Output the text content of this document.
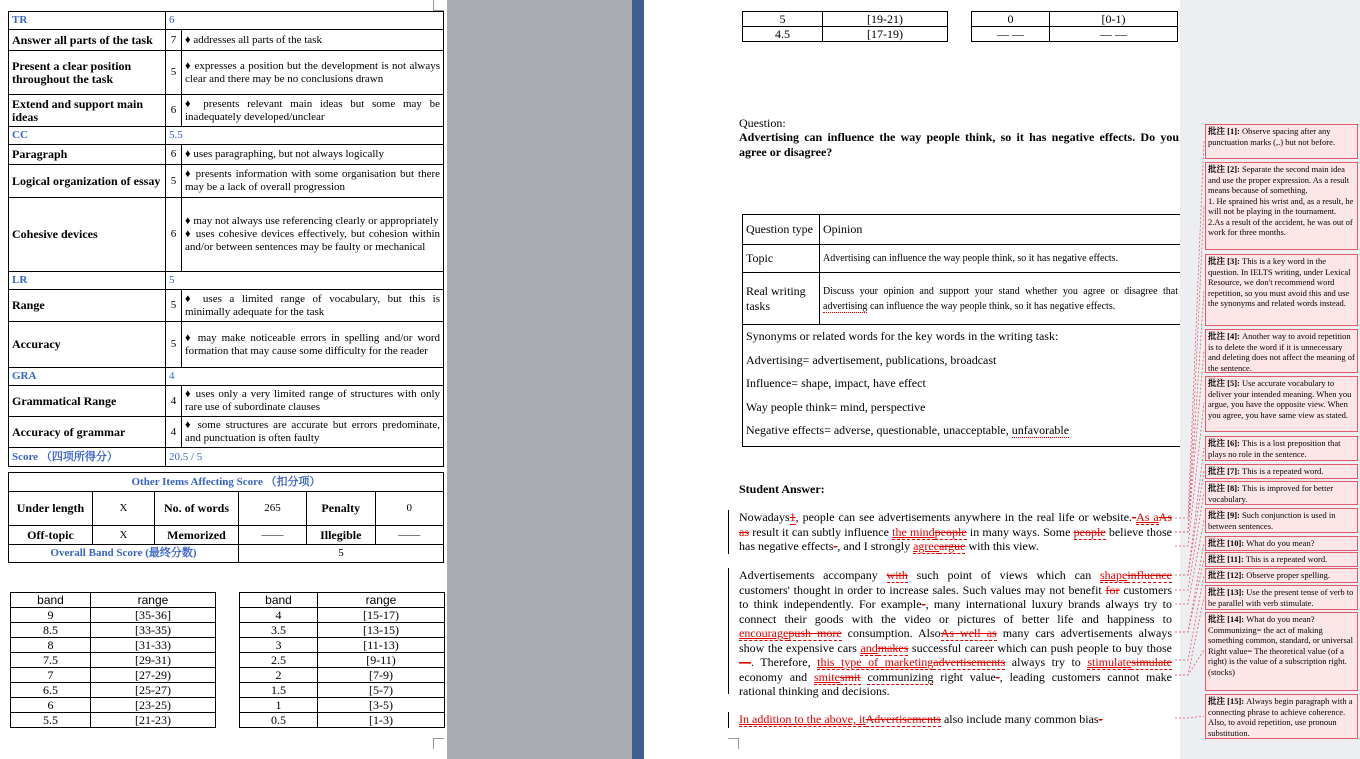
TR	6	
Answer all parts of the task	7	♦ addresses all parts of the task
Present a clear position throughout the task	5	♦ expresses a position but the development is not always clear and there may be no conclusions drawn
Extend and support main ideas	6	♦ presents relevant main ideas but some may be inadequately developed/unclear
CC	5.5	
Paragraph	6	♦ uses paragraphing, but not always logically
Logical organization of essay	5	♦ presents information with some organisation but there may be a lack of overall progression
Cohesive devices	6	♦ may not always use referencing clearly or appropriately
♦ uses cohesive devices effectively, but cohesion within and/or between sentences may be faulty or mechanical
LR	5	
Range	5	♦ uses a limited range of vocabulary, but this is minimally adequate for the task
Accuracy	5	♦ may make noticeable errors in spelling and/or word formation that may cause some difficulty for the reader
GRA	4	
Grammatical Range	4	♦ uses only a very limited range of structures with only rare use of subordinate clauses
Accuracy of grammar	4	♦ some structures are accurate but errors predominate, and punctuation is often faulty
Score （四项所得分）	20.5 / 5	
Other Items Affecting Score （扣分项）
Under length	X	No. of words	265		Penalty	0

Off-topic	X	Memorized	——		Illegible	——

Overall Band Score (最终分数)	5
band	range		band	range
9	[35-36]		4	[15-17)
8.5	[33-35)		3.5	[13-15)
8	[31-33)		3	[11-13)
7.5	[29-31)		2.5	[9-11)
7	[27-29)		2	[7-9)
6.5	[25-27)		1.5	[5-7)
6	[23-25)		1	[3-5)
5.5	[21-23)		0.5	[1-3)
5	[19-21)		0	[0-1)
4.5	[17-19)		— —	— —
Question:
Advertising can influence the way people think, so it has negative effects. Do you agree or disagree?
Question type	Opinion
Topic	Advertising can influence the way people think, so it has negative effects.
Real writing tasks	Discuss your opinion and support your stand whether you agree or disagree that advertising can influence the way people think, so it has negative effects.

Synonyms or related words for the key words in the writing task:

Advertising= advertisement, publications, broadcast

Influence= shape, impact, have effect

Way people think= mind, perspective

Negative effects= adverse, questionable, unacceptable, unfavorable	

Student Answer:
Nowadays1, people can see advertisements anywhere in the real life or website.-As aAs as result it can subtly influence the mindpeople in many ways. Some people believe those has negative effects-, and I strongly agreeargue with this view.
Advertisements accompany with such point of views which can shapeinfluence customers' thought in order to increase sales. Such values may not benefit for customers to think independently. For example-, many international luxury brands always try to connect their goods with the video or pictures of better life and happiness to encouragepush more consumption. AlsoAs well as many cars advertisements always show the expensive cars andmakes successful career which can push people to buy those—. Therefore, this type of marketingadvertisements always try to stimulatesimulate economy and smitesmit communizing right value-, leading customers cannot make rational thinking and decisions.
In addition to the above, itAdvertisements also include many common bias-
批注 [1]: Observe spacing after any punctuation marks (,.) but not before.
批注 [2]: Separate the second main idea and use the proper expression. As a result means because of something.
1. He sprained his wrist and, as a result, he will not be playing in the tournament.
2.As a result of the accident, he was out of work for three months.
批注 [3]: This is a key word in the question. In IELTS writing, under Lexical Resource, we don't recommend word repetition, so you must avoid this and use the synonyms and related words instead.
批注 [4]: Another way to avoid repetition is to delete the word if it is unnecessary and deleting does not affect the meaning of the sentence.
批注 [5]: Use accurate vocabulary to deliver your intended meaning. When you argue, you have the opposite view. When you agree, you have same view as stated.
批注 [6]: This is a lost preposition that plays no role in the sentence.
批注 [7]: This is a repeated word.
批注 [8]: This is improved for better vocabulary.
批注 [9]: Such conjunction is used in between sentences.
批注 [10]: What do you mean?
批注 [11]: This is a repeated word.
批注 [12]: Observe proper spelling.
批注 [13]: Use the present tense of verb to be parallel with verb stimulate.
批注 [14]: What do you mean?
Communizing= the act of making something common, standard, or universal
Right value= The theoretical value (of a right) is the value of a subscription right. (stocks)
批注 [15]: Always begin paragraph with a connecting phrase to achieve coherence. Also, to avoid repetition, use pronoun substitution.
